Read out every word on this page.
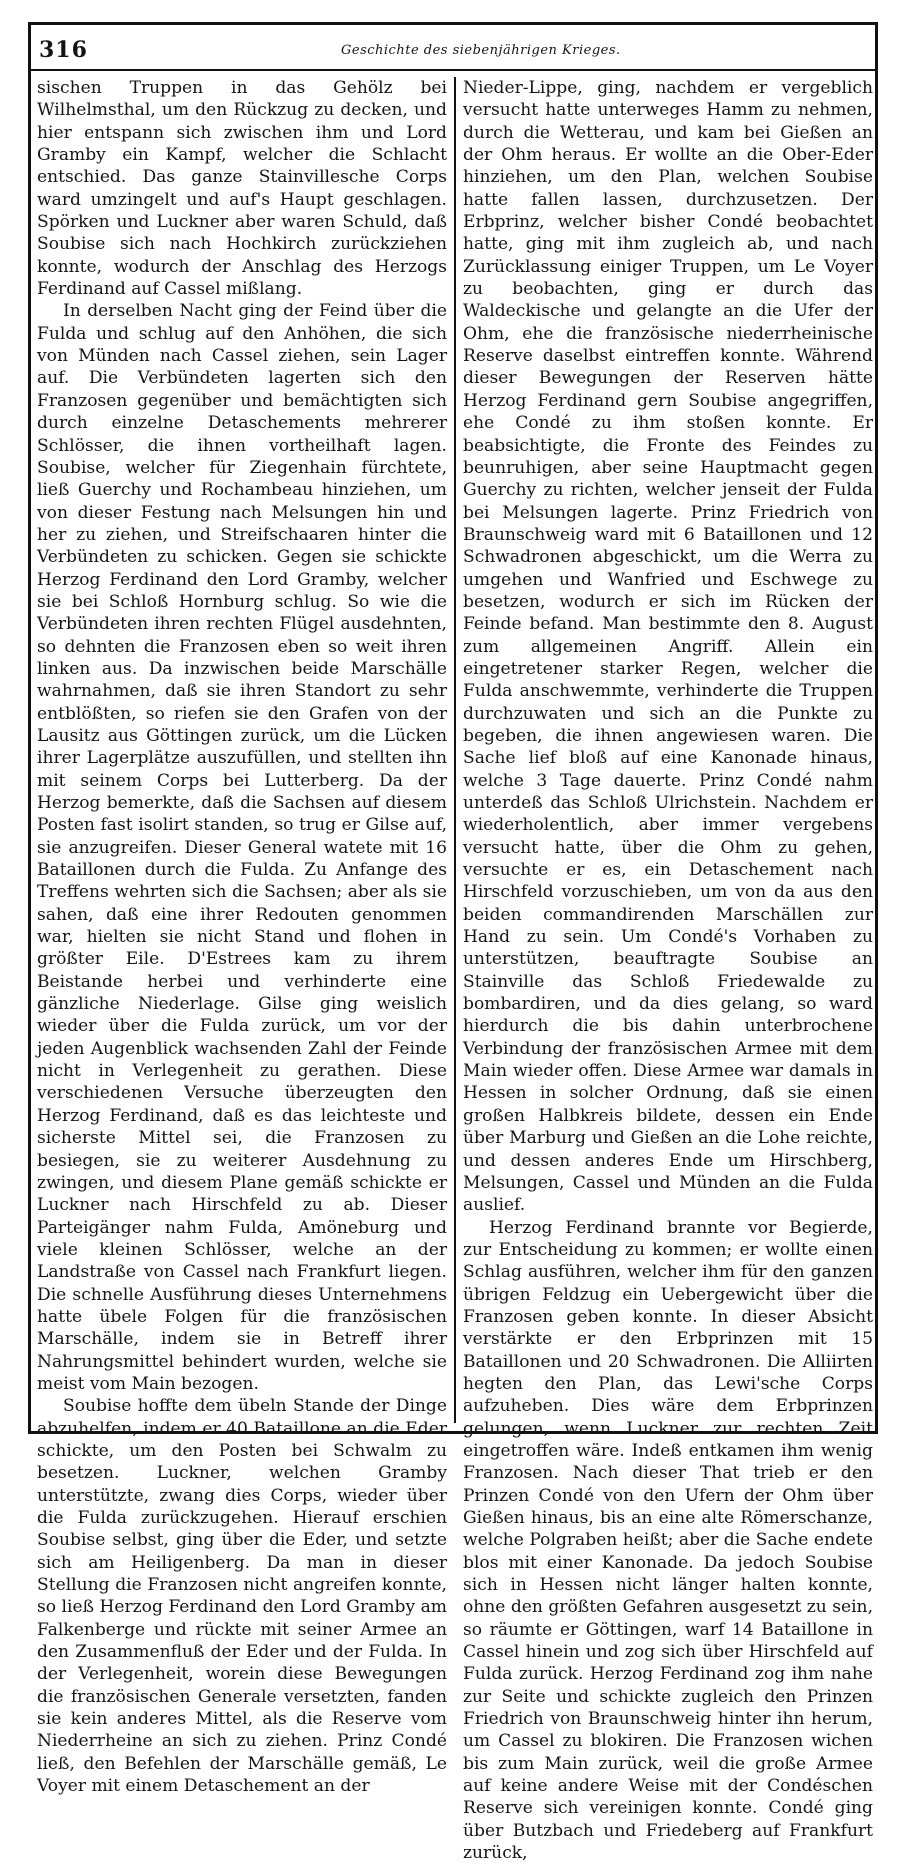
316	Geschichte des siebenjährigen Krieges.

sischen Truppen in das Gehölz bei Wilhelmsthal, um den Rückzug zu decken, und hier entspann sich zwischen ihm und Lord Gramby ein Kampf, welcher die Schlacht entschied. Das ganze Stainvillesche Corps ward umzingelt und auf's Haupt geschlagen. Spörken und Luckner aber waren Schuld, daß Soubise sich nach Hochkirch zurückziehen konnte, wodurch der Anschlag des Herzogs Ferdinand auf Cassel mißlang.

In derselben Nacht ging der Feind über die Fulda und schlug auf den Anhöhen, die sich von Münden nach Cassel ziehen, sein Lager auf. Die Verbündeten lagerten sich den Franzosen gegenüber und bemächtigten sich durch einzelne Detaschements mehrerer Schlösser, die ihnen vortheilhaft lagen. Soubise, welcher für Ziegenhain fürchtete, ließ Guerchy und Rochambeau hinziehen, um von dieser Festung nach Melsungen hin und her zu ziehen, und Streifschaaren hinter die Verbündeten zu schicken. Gegen sie schickte Herzog Ferdinand den Lord Gramby, welcher sie bei Schloß Hornburg schlug. So wie die Verbündeten ihren rechten Flügel ausdehnten, so dehnten die Franzosen eben so weit ihren linken aus. Da inzwischen beide Marschälle wahrnahmen, daß sie ihren Standort zu sehr entblößten, so riefen sie den Grafen von der Lausitz aus Göttingen zurück, um die Lücken ihrer Lagerplätze auszufüllen, und stellten ihn mit seinem Corps bei Lutterberg. Da der Herzog bemerkte, daß die Sachsen auf diesem Posten fast isolirt standen, so trug er Gilse auf, sie anzugreifen. Dieser General watete mit 16 Bataillonen durch die Fulda. Zu Anfange des Treffens wehrten sich die Sachsen; aber als sie sahen, daß eine ihrer Redouten genommen war, hielten sie nicht Stand und flohen in größter Eile. D'Estrees kam zu ihrem Beistande herbei und verhinderte eine gänzliche Niederlage. Gilse ging weislich wieder über die Fulda zurück, um vor der jeden Augenblick wachsenden Zahl der Feinde nicht in Verlegenheit zu gerathen. Diese verschiedenen Versuche überzeugten den Herzog Ferdinand, daß es das leichteste und sicherste Mittel sei, die Franzosen zu besiegen, sie zu weiterer Ausdehnung zu zwingen, und diesem Plane gemäß schickte er Luckner nach Hirschfeld zu ab. Dieser Parteigänger nahm Fulda, Amöneburg und viele kleinen Schlösser, welche an der Landstraße von Cassel nach Frankfurt liegen. Die schnelle Ausführung dieses Unternehmens hatte übele Folgen für die französischen Marschälle, indem sie in Betreff ihrer Nahrungsmittel behindert wurden, welche sie meist vom Main bezogen.

Soubise hoffte dem übeln Stande der Dinge abzuhelfen, indem er 40 Bataillone an die Eder schickte, um den Posten bei Schwalm zu besetzen. Luckner, welchen Gramby unterstützte, zwang dies Corps, wieder über die Fulda zurückzugehen. Hierauf erschien Soubise selbst, ging über die Eder, und setzte sich am Heiligenberg. Da man in dieser Stellung die Franzosen nicht angreifen konnte, so ließ Herzog Ferdinand den Lord Gramby am Falkenberge und rückte mit seiner Armee an den Zusammenfluß der Eder und der Fulda. In der Verlegenheit, worein diese Bewegungen die französischen Generale versetzten, fanden sie kein anderes Mittel, als die Reserve vom Niederrheine an sich zu ziehen. Prinz Condé ließ, den Befehlen der Marschälle gemäß, Le Voyer mit einem Detaschement an der

Nieder-Lippe, ging, nachdem er vergeblich versucht hatte unterweges Hamm zu nehmen, durch die Wetterau, und kam bei Gießen an der Ohm heraus. Er wollte an die Ober-Eder hinziehen, um den Plan, welchen Soubise hatte fallen lassen, durchzusetzen. Der Erbprinz, welcher bisher Condé beobachtet hatte, ging mit ihm zugleich ab, und nach Zurücklassung einiger Truppen, um Le Voyer zu beobachten, ging er durch das Waldeckische und gelangte an die Ufer der Ohm, ehe die französische niederrheinische Reserve daselbst eintreffen konnte. Während dieser Bewegungen der Reserven hätte Herzog Ferdinand gern Soubise angegriffen, ehe Condé zu ihm stoßen konnte. Er beabsichtigte, die Fronte des Feindes zu beunruhigen, aber seine Hauptmacht gegen Guerchy zu richten, welcher jenseit der Fulda bei Melsungen lagerte. Prinz Friedrich von Braunschweig ward mit 6 Bataillonen und 12 Schwadronen abgeschickt, um die Werra zu umgehen und Wanfried und Eschwege zu besetzen, wodurch er sich im Rücken der Feinde befand. Man bestimmte den 8. August zum allgemeinen Angriff. Allein ein eingetretener starker Regen, welcher die Fulda anschwemmte, verhinderte die Truppen durchzuwaten und sich an die Punkte zu begeben, die ihnen angewiesen waren. Die Sache lief bloß auf eine Kanonade hinaus, welche 3 Tage dauerte. Prinz Condé nahm unterdeß das Schloß Ulrichstein. Nachdem er wiederholentlich, aber immer vergebens versucht hatte, über die Ohm zu gehen, versuchte er es, ein Detaschement nach Hirschfeld vorzuschieben, um von da aus den beiden commandirenden Marschällen zur Hand zu sein. Um Condé's Vorhaben zu unterstützen, beauftragte Soubise an Stainville das Schloß Friedewalde zu bombardiren, und da dies gelang, so ward hierdurch die bis dahin unterbrochene Verbindung der französischen Armee mit dem Main wieder offen. Diese Armee war damals in Hessen in solcher Ordnung, daß sie einen großen Halbkreis bildete, dessen ein Ende über Marburg und Gießen an die Lohe reichte, und dessen anderes Ende um Hirschberg, Melsungen, Cassel und Münden an die Fulda auslief.

Herzog Ferdinand brannte vor Begierde, zur Entscheidung zu kommen; er wollte einen Schlag ausführen, welcher ihm für den ganzen übrigen Feldzug ein Uebergewicht über die Franzosen geben konnte. In dieser Absicht verstärkte er den Erbprinzen mit 15 Bataillonen und 20 Schwadronen. Die Alliirten hegten den Plan, das Lewi'sche Corps aufzuheben. Dies wäre dem Erbprinzen gelungen, wenn Luckner zur rechten Zeit eingetroffen wäre. Indeß entkamen ihm wenig Franzosen. Nach dieser That trieb er den Prinzen Condé von den Ufern der Ohm über Gießen hinaus, bis an eine alte Römerschanze, welche Polgraben heißt; aber die Sache endete blos mit einer Kanonade. Da jedoch Soubise sich in Hessen nicht länger halten konnte, ohne den größten Gefahren ausgesetzt zu sein, so räumte er Göttingen, warf 14 Bataillone in Cassel hinein und zog sich über Hirschfeld auf Fulda zurück. Herzog Ferdinand zog ihm nahe zur Seite und schickte zugleich den Prinzen Friedrich von Braunschweig hinter ihn herum, um Cassel zu blokiren. Die Franzosen wichen bis zum Main zurück, weil die große Armee auf keine andere Weise mit der Condéschen Reserve sich vereinigen konnte. Condé ging über Butzbach und Friedeberg auf Frankfurt zurück,
